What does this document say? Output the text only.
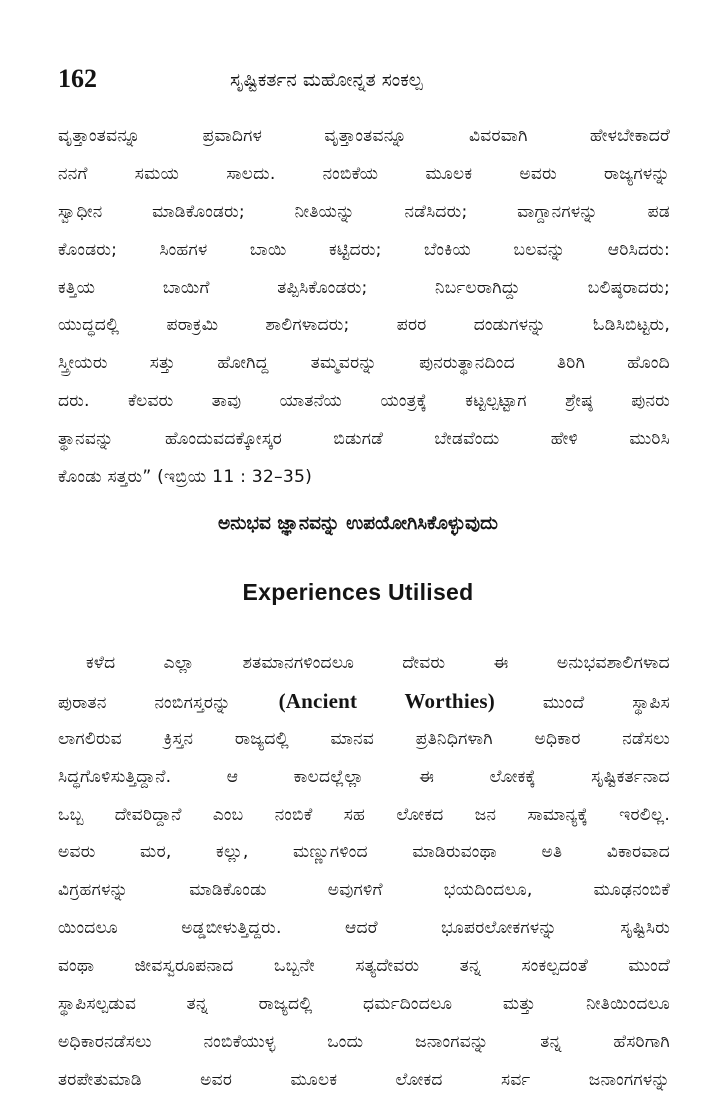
162	ಸೃಷ್ಟಿಕರ್ತನ ಮಹೋನ್ನತ ಸಂಕಲ್ಪ
ವೃತ್ತಾಂತವನ್ನೂ ಪ್ರವಾದಿಗಳ ವೃತ್ತಾಂತವನ್ನೂ ವಿವರವಾಗಿ ಹೇಳಬೇಕಾದರೆ
ನನಗೆ ಸಮಯ ಸಾಲದು. ನಂಬಿಕೆಯ ಮೂಲಕ ಅವರು ರಾಜ್ಯಗಳನ್ನು
ಸ್ವಾಧೀನ ಮಾಡಿಕೊಂಡರು; ನೀತಿಯನ್ನು ನಡೆಸಿದರು; ವಾಗ್ದಾನಗಳನ್ನು ಪಡ
ಕೊಂಡರು; ಸಿಂಹಗಳ ಬಾಯಿ ಕಟ್ಟಿದರು; ಬೆಂಕಿಯ ಬಲವನ್ನು ಆರಿಸಿದರು:
ಕತ್ತಿಯ ಬಾಯಿಗೆ ತಪ್ಪಿಸಿಕೊಂಡರು; ನಿರ್ಬಲರಾಗಿದ್ದು ಬಲಿಷ್ಠರಾದರು;
ಯುದ್ಧದಲ್ಲಿ ಪರಾಕ್ರಮಿ ಶಾಲಿಗಳಾದರು; ಪರರ ದಂಡುಗಳನ್ನು ಓಡಿಸಿಬಿಟ್ಟರು,
ಸ್ತ್ರೀಯರು ಸತ್ತು ಹೋಗಿದ್ದ ತಮ್ಮವರನ್ನು ಪುನರುತ್ಥಾನದಿಂದ ತಿರಿಗಿ ಹೊಂದಿ
ದರು. ಕೆಲವರು ತಾವು ಯಾತನೆಯ ಯಂತ್ರಕ್ಕೆ ಕಟ್ಟಲ್ಪಟ್ಟಾಗ ಶ್ರೇಷ್ಠ ಪುನರು
ತ್ಥಾನವನ್ನು ಹೊಂದುವದಕ್ಕೋಸ್ಕರ ಬಿಡುಗಡೆ ಬೇಡವೆಂದು ಹೇಳಿ ಮುರಿಸಿ
ಕೊಂಡು ಸತ್ತರು” (ಇಬ್ರಿಯ 11 : 32–35)
ಅನುಭವ ಜ್ಞಾನವನ್ನು ಉಪಯೋಗಿಸಿಕೊಳ್ಳುವುದು
Experiences Utilised
ಕಳೆದ ಎಲ್ಲಾ ಶತಮಾನಗಳಿಂದಲೂ ದೇವರು ಈ ಅನುಭವಶಾಲಿಗಳಾದ
ಪುರಾತನ ನಂಬಿಗಸ್ತರನ್ನು (Ancient Worthies) ಮುಂದೆ ಸ್ಥಾಪಿಸ
ಲಾಗಲಿರುವ ಕ್ರಿಸ್ತನ ರಾಜ್ಯದಲ್ಲಿ ಮಾನವ ಪ್ರತಿನಿಧಿಗಳಾಗಿ ಅಧಿಕಾರ ನಡೆಸಲು
ಸಿದ್ಧಗೊಳಿಸುತ್ತಿದ್ದಾನೆ. ಆ ಕಾಲದಲ್ಲೆಲ್ಲಾ ಈ ಲೋಕಕ್ಕೆ ಸೃಷ್ಟಿಕರ್ತನಾದ
ಒಬ್ಬ ದೇವರಿದ್ದಾನೆ ಎಂಬ ನಂಬಿಕೆ ಸಹ ಲೋಕದ ಜನ ಸಾಮಾನ್ಯಕ್ಕೆ ಇರಲಿಲ್ಲ.
ಅವರು ಮರ, ಕಲ್ಲು, ಮಣ್ಣುಗಳಿಂದ ಮಾಡಿರುವಂಥಾ ಅತಿ ವಿಕಾರವಾದ
ವಿಗ್ರಹಗಳನ್ನು ಮಾಡಿಕೊಂಡು ಅವುಗಳಿಗೆ ಭಯದಿಂದಲೂ, ಮೂಢನಂಬಿಕೆ
ಯಿಂದಲೂ ಅಡ್ಡಬೀಳುತ್ತಿದ್ದರು. ಆದರೆ ಭೂಪರಲೋಕಗಳನ್ನು ಸೃಷ್ಟಿಸಿರು
ವಂಥಾ ಜೀವಸ್ವರೂಪನಾದ ಒಬ್ಬನೇ ಸತ್ಯದೇವರು ತನ್ನ ಸಂಕಲ್ಪದಂತೆ ಮುಂದೆ
ಸ್ಥಾಪಿಸಲ್ಪಡುವ ತನ್ನ ರಾಜ್ಯದಲ್ಲಿ ಧರ್ಮದಿಂದಲೂ ಮತ್ತು ನೀತಿಯಿಂದಲೂ
ಅಧಿಕಾರನಡೆಸಲು ನಂಬಿಕೆಯುಳ್ಳ ಒಂದು ಜನಾಂಗವನ್ನು ತನ್ನ ಹೆಸರಿಗಾಗಿ
ತರಪೇತುಮಾಡಿ ಅವರ ಮೂಲಕ ಲೋಕದ ಸರ್ವ ಜನಾಂಗಗಳನ್ನು
